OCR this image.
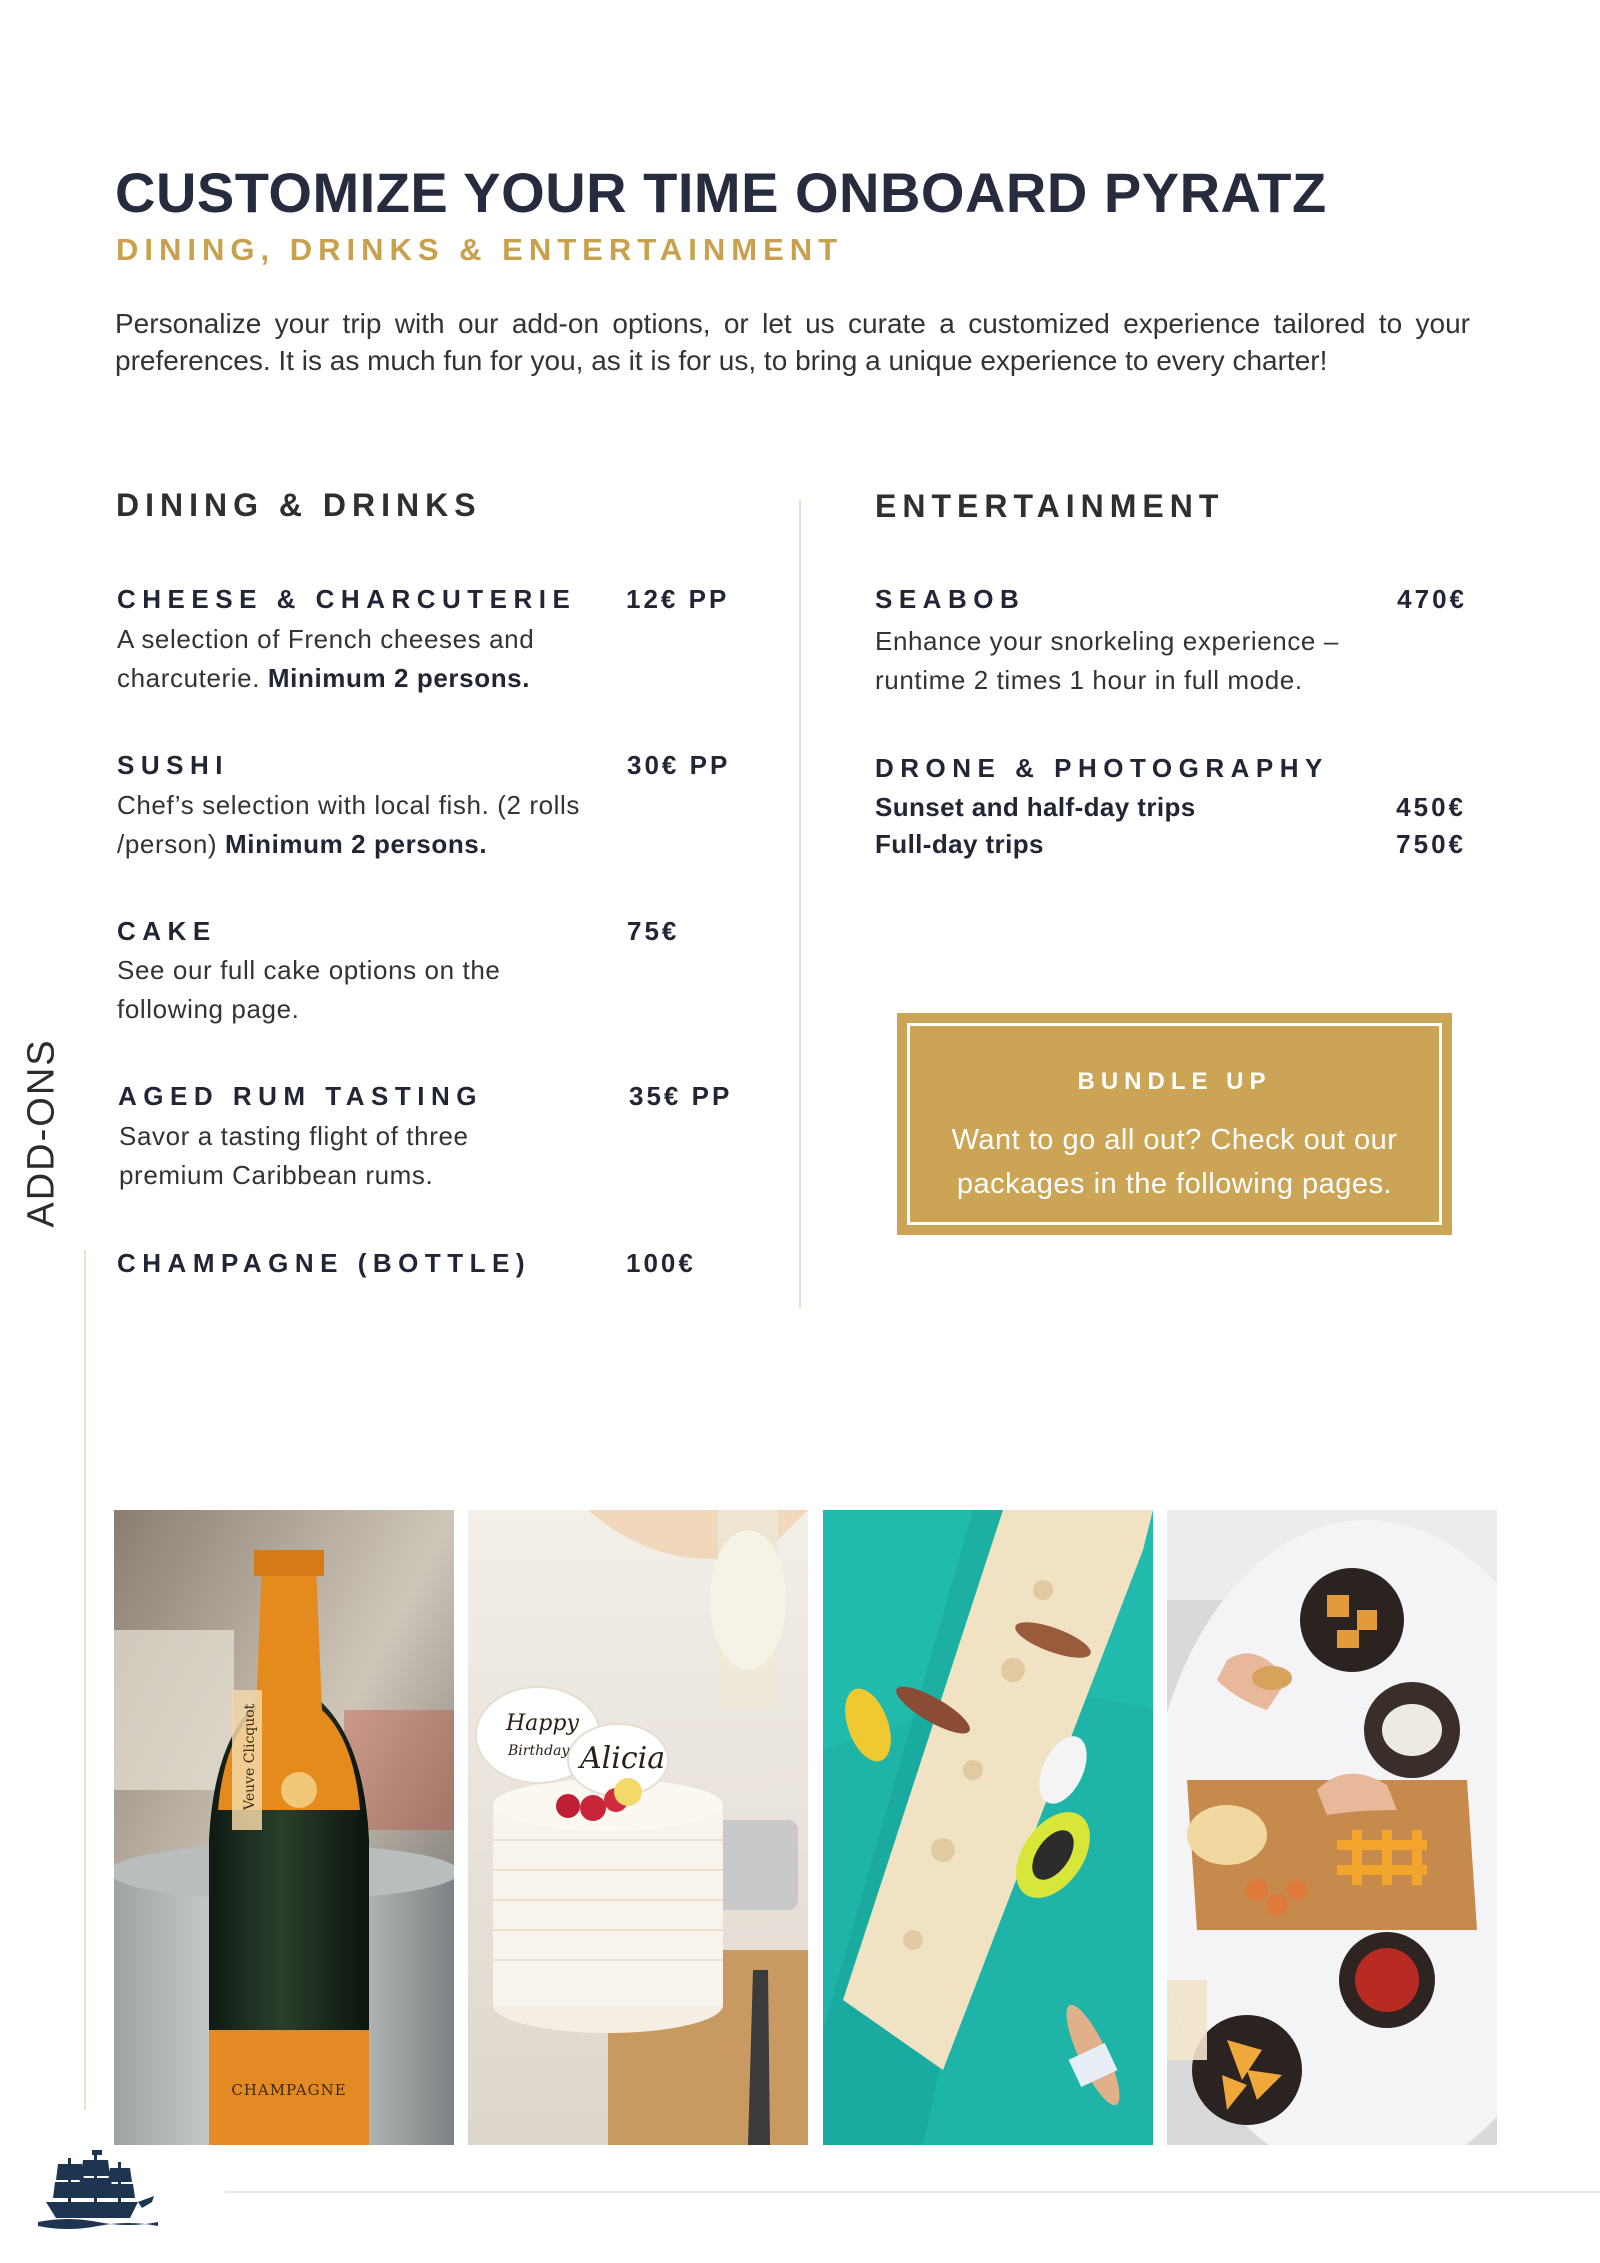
CUSTOMIZE YOUR TIME ONBOARD PYRATZ
DINING, DRINKS & ENTERTAINMENT

Personalize your trip with our add-on options, or let us curate a customized experience tailored to your preferences. It is as much fun for you, as it is for us, to bring a unique experience to every charter!

DINING & DRINKS
CHEESE & CHARCUTERIE 12€ PP
A selection of French cheeses and charcuterie. Minimum 2 persons.
SUSHI	30€ PP
Chef’s selection with local fish. (2 rolls /person) Minimum 2 persons.
CAKE	75€
See our full cake options on the following page.
AGED RUM TASTING	35€ PP
Savor a tasting flight of three premium Caribbean rums.
CHAMPAGNE (BOTTLE)	100€
ENTERTAINMENT
SEABOB	470€
Enhance your snorkeling experience – runtime 2 times 1 hour in full mode.
DRONE & PHOTOGRAPHY
Sunset and half-day trips	450€
Full-day trips	750€
BUNDLE UP
Want to go all out? Check out our packages in the following pages.
ADD-ONS
Veuve Clicquot
CHAMPAGNE
Happy
Birthday Alicia
